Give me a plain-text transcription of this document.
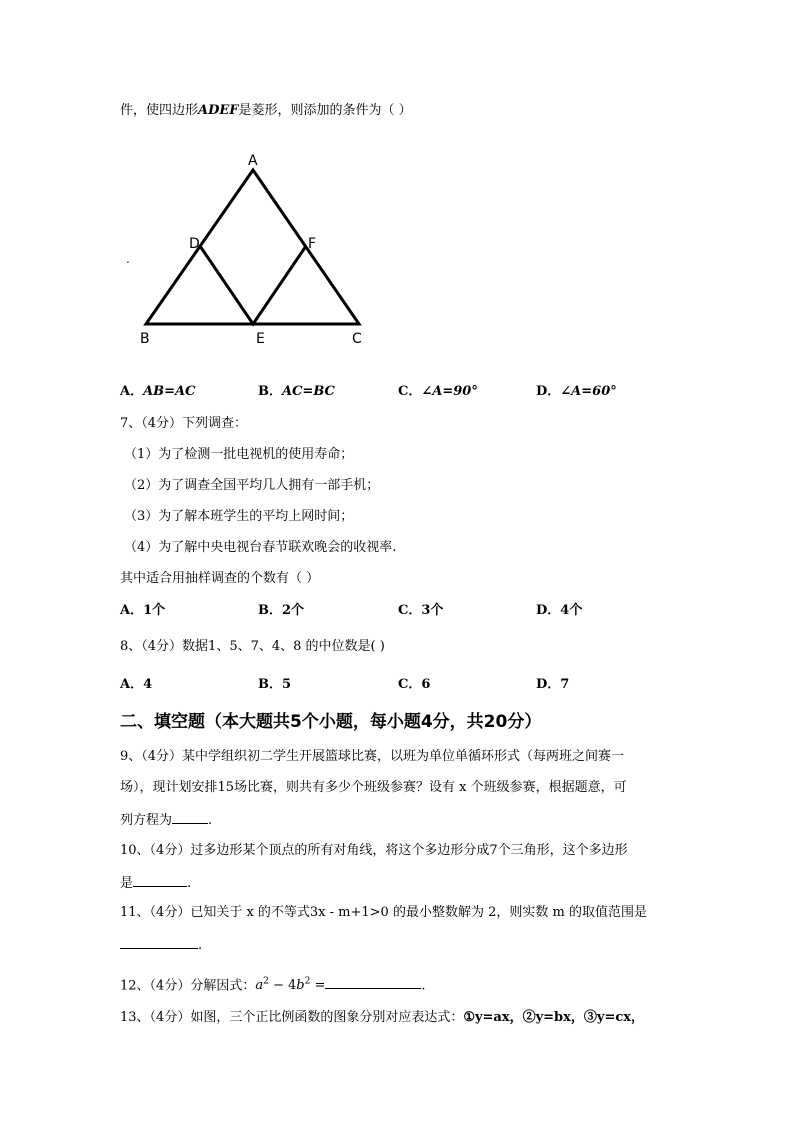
件，使四边形ADEF是菱形，则添加的条件为（ ）
.
A
D	F
B	E	C
A．AB=AC	B．AC=BC	C．∠A=90°	D．∠A=60°
7、（4分）下列调查：
（1）为了检测一批电视机的使用寿命；
（2）为了调查全国平均几人拥有一部手机；
（3）为了解本班学生的平均上网时间；
（4）为了解中央电视台春节联欢晚会的收视率.
其中适合用抽样调查的个数有（ ）
A．1个	B．2个	C．3个	D．4个
8、（4分）数据1、5、7、4、8 的中位数是( )
A．4	B．5	C．6	D．7
二、填空题（本大题共5个小题，每小题4分，共20分）
9、（4分）某中学组织初二学生开展篮球比赛，以班为单位单循环形式（每两班之间赛一
场），现计划安排15场比赛，则共有多少个班级参赛？设有 x 个班级参赛，根据题意，可
列方程为	.
10、（4分）过多边形某个顶点的所有对角线，将这个多边形分成7个三角形，这个多边形
是	.
11、（4分）已知关于 x 的不等式3x - m+1>0 的最小整数解为 2，则实数 m 的取值范围是
.
12、（4分）分解因式：$a^2 - 4b^2$ =	.
13、（4分）如图，三个正比例函数的图象分别对应表达式：①y=ax，②y=bx，③y=cx，
